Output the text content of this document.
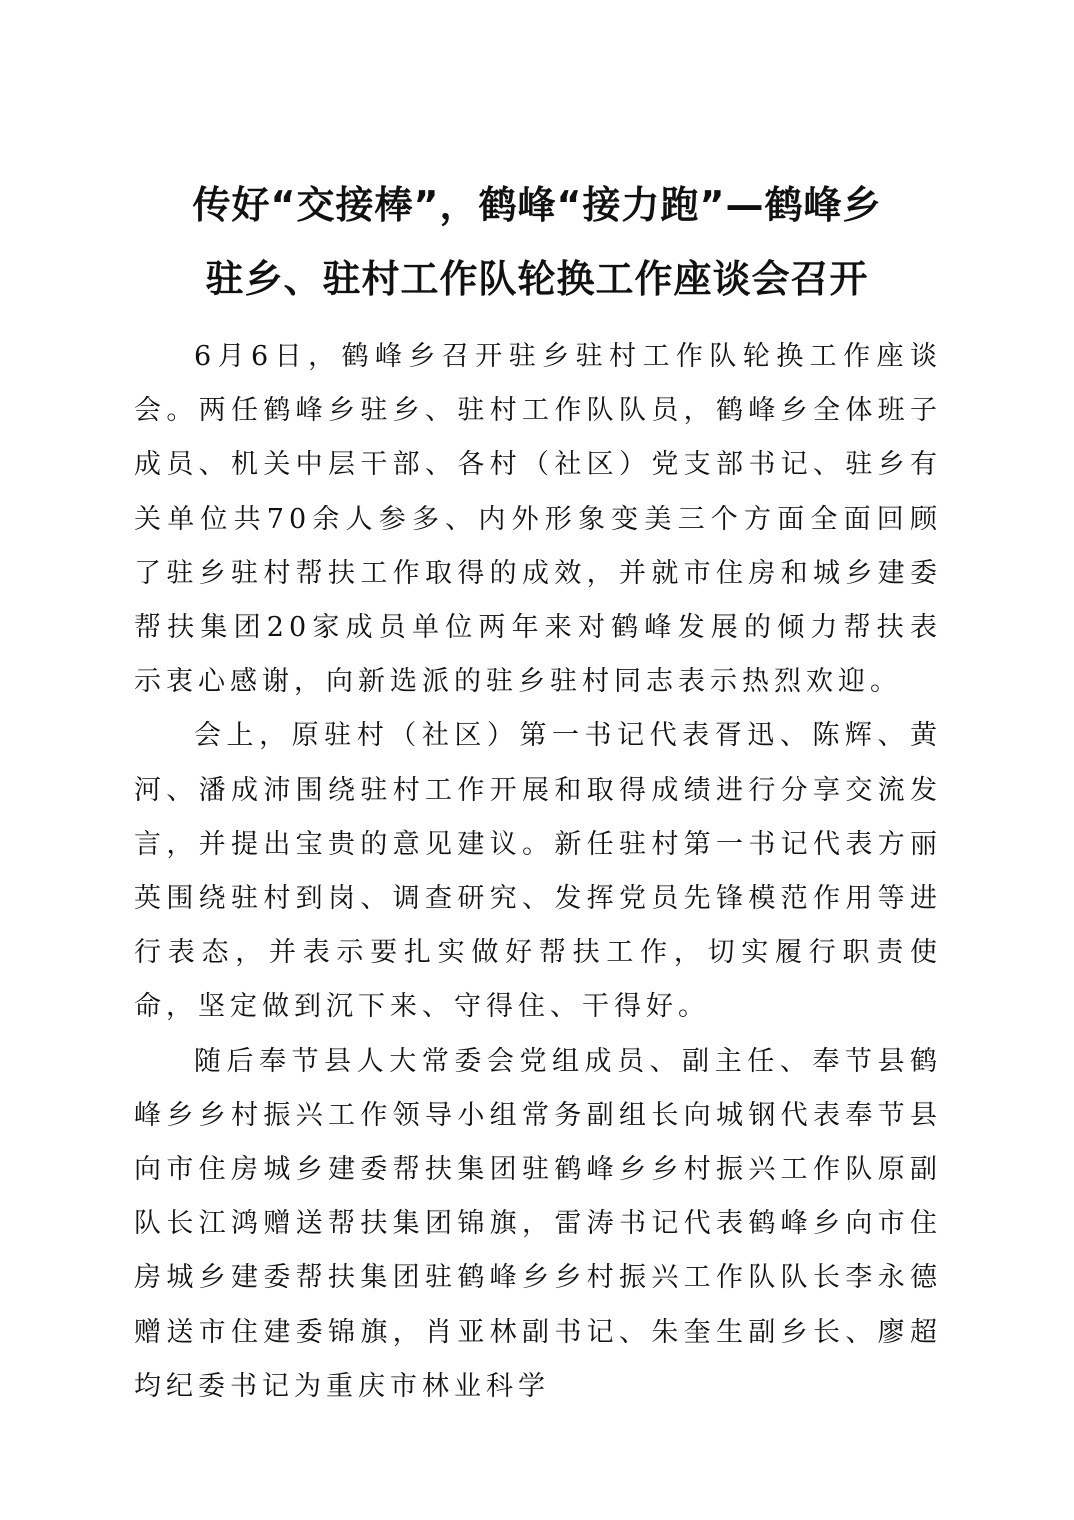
传好“交接棒”，鹤峰“接力跑”—鹤峰乡
驻乡、驻村工作队轮换工作座谈会召开

6月6日，鹤峰乡召开驻乡驻村工作队轮换工作座谈会。两任鹤峰乡驻乡、驻村工作队队员，鹤峰乡全体班子成员、机关中层干部、各村（社区）党支部书记、驻乡有关单位共70余人参多、内外形象变美三个方面全面回顾了驻乡驻村帮扶工作取得的成效，并就市住房和城乡建委帮扶集团20家成员单位两年来对鹤峰发展的倾力帮扶表示衷心感谢，向新选派的驻乡驻村同志表示热烈欢迎。

会上，原驻村（社区）第一书记代表胥迅、陈辉、黄河、潘成沛围绕驻村工作开展和取得成绩进行分享交流发言，并提出宝贵的意见建议。新任驻村第一书记代表方丽英围绕驻村到岗、调查研究、发挥党员先锋模范作用等进行表态，并表示要扎实做好帮扶工作，切实履行职责使命，坚定做到沉下来、守得住、干得好。

随后奉节县人大常委会党组成员、副主任、奉节县鹤峰乡乡村振兴工作领导小组常务副组长向城钢代表奉节县向市住房城乡建委帮扶集团驻鹤峰乡乡村振兴工作队原副队长江鸿赠送帮扶集团锦旗，雷涛书记代表鹤峰乡向市住房城乡建委帮扶集团驻鹤峰乡乡村振兴工作队队长李永德赠送市住建委锦旗，肖亚林副书记、朱奎生副乡长、廖超均纪委书记为重庆市林业科学
